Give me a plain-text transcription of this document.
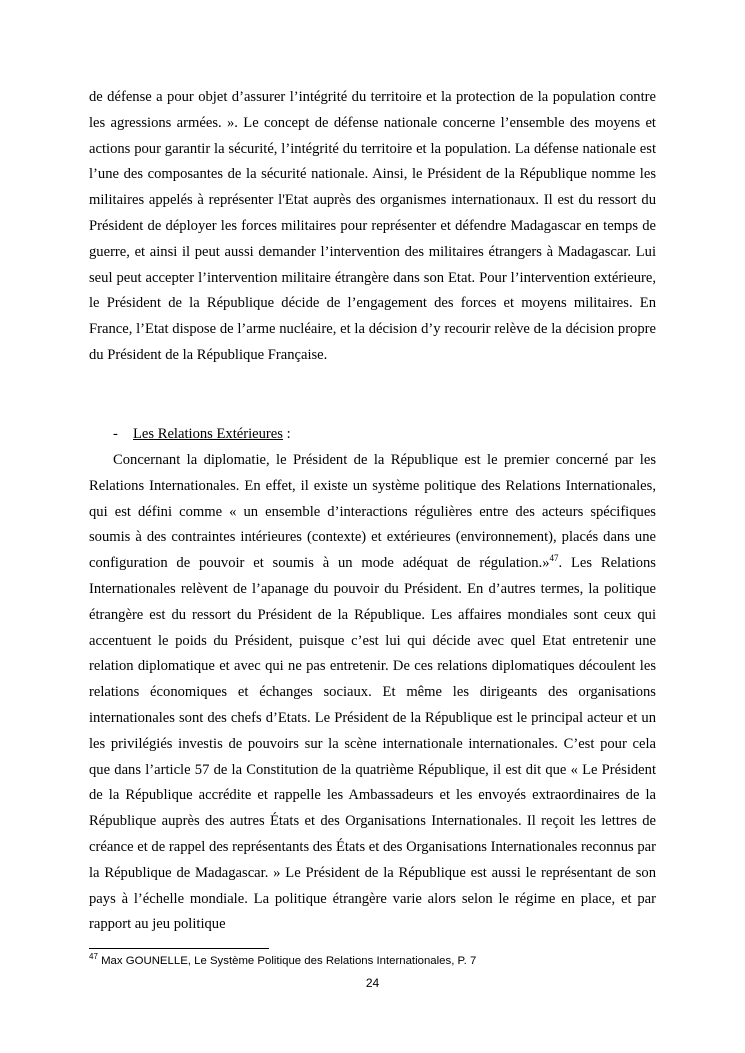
de défense a pour objet d’assurer l’intégrité du territoire et la protection de la population contre les agressions armées. ». Le concept de défense nationale concerne l’ensemble des moyens et actions pour garantir la sécurité, l’intégrité du territoire et la population. La défense nationale est l’une des composantes de la sécurité nationale. Ainsi, le Président de la République nomme les militaires appelés à représenter l'Etat auprès des organismes internationaux. Il est du ressort du Président de déployer les forces militaires pour représenter et défendre Madagascar en temps de guerre, et ainsi il peut aussi demander l’intervention des militaires étrangers à Madagascar. Lui seul peut accepter l’intervention militaire étrangère dans son Etat. Pour l’intervention extérieure, le Président de la République décide de l’engagement des forces et moyens militaires. En France, l’Etat dispose de l’arme nucléaire, et la décision d’y recourir relève de la décision propre du Président de la République Française.

- Les Relations Extérieures :

Concernant la diplomatie, le Président de la République est le premier concerné par les Relations Internationales. En effet, il existe un système politique des Relations Internationales, qui est défini comme « un ensemble d’interactions régulières entre des acteurs spécifiques soumis à des contraintes intérieures (contexte) et extérieures (environnement), placés dans une configuration de pouvoir et soumis à un mode adéquat de régulation.»$^{47}$. Les Relations Internationales relèvent de l’apanage du pouvoir du Président. En d’autres termes, la politique étrangère est du ressort du Président de la République. Les affaires mondiales sont ceux qui accentuent le poids du Président, puisque c’est lui qui décide avec quel Etat entretenir une relation diplomatique et avec qui ne pas entretenir. De ces relations diplomatiques découlent les relations économiques et échanges sociaux. Et même les dirigeants des organisations internationales sont des chefs d’Etats. Le Président de la République est le principal acteur et un les privilégiés investis de pouvoirs sur la scène internationale internationales. C’est pour cela que dans l’article 57 de la Constitution de la quatrième République, il est dit que « Le Président de la République accrédite et rappelle les Ambassadeurs et les envoyés extraordinaires de la République auprès des autres États et des Organisations Internationales. Il reçoit les lettres de créance et de rappel des représentants des États et des Organisations Internationales reconnus par la République de Madagascar. » Le Président de la République est aussi le représentant de son pays à l’échelle mondiale. La politique étrangère varie alors selon le régime en place, et par rapport au jeu politique

$^{47}$ Max GOUNELLE, Le Système Politique des Relations Internationales, P. 7
24
